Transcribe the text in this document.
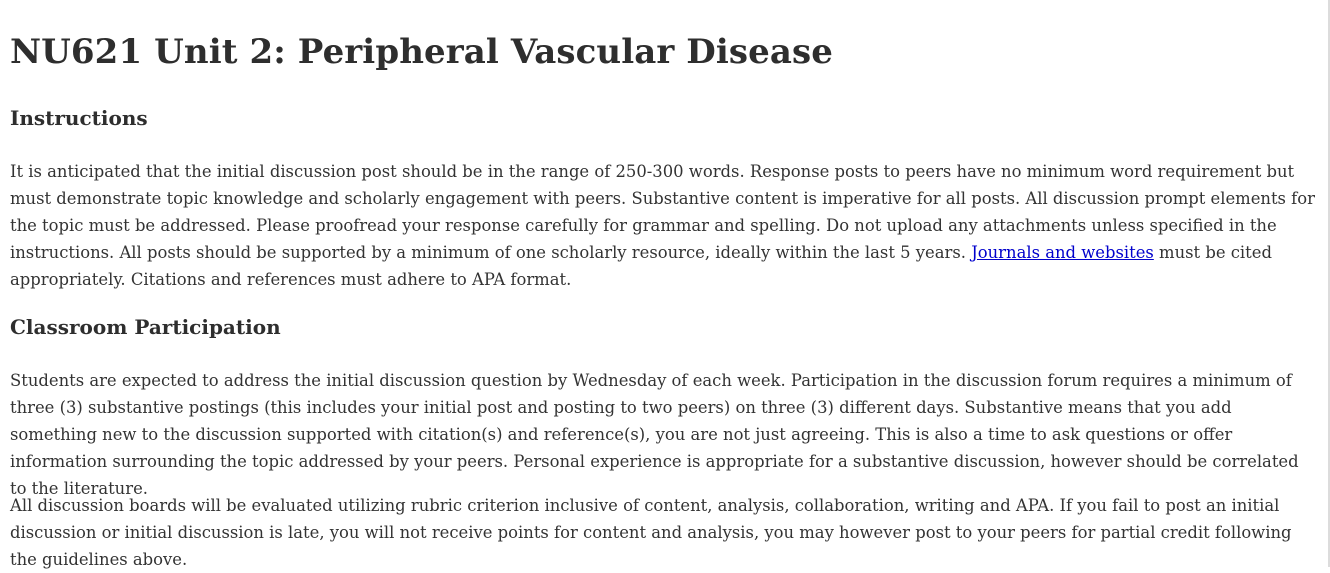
NU621 Unit 2: Peripheral Vascular Disease
Instructions

It is anticipated that the initial discussion post should be in the range of 250-300 words. Response posts to peers have no minimum word requirement but must demonstrate topic knowledge and scholarly engagement with peers. Substantive content is imperative for all posts. All discussion prompt elements for the topic must be addressed. Please proofread your response carefully for grammar and spelling. Do not upload any attachments unless specified in the instructions. All posts should be supported by a minimum of one scholarly resource, ideally within the last 5 years. Journals and websites must be cited appropriately. Citations and references must adhere to APA format.

Classroom Participation

Students are expected to address the initial discussion question by Wednesday of each week. Participation in the discussion forum requires a minimum of three (3) substantive postings (this includes your initial post and posting to two peers) on three (3) different days. Substantive means that you add something new to the discussion supported with citation(s) and reference(s), you are not just agreeing. This is also a time to ask questions or offer information surrounding the topic addressed by your peers. Personal experience is appropriate for a substantive discussion, however should be correlated to the literature.

All discussion boards will be evaluated utilizing rubric criterion inclusive of content, analysis, collaboration, writing and APA. If you fail to post an initial discussion or initial discussion is late, you will not receive points for content and analysis, you may however post to your peers for partial credit following the guidelines above.
